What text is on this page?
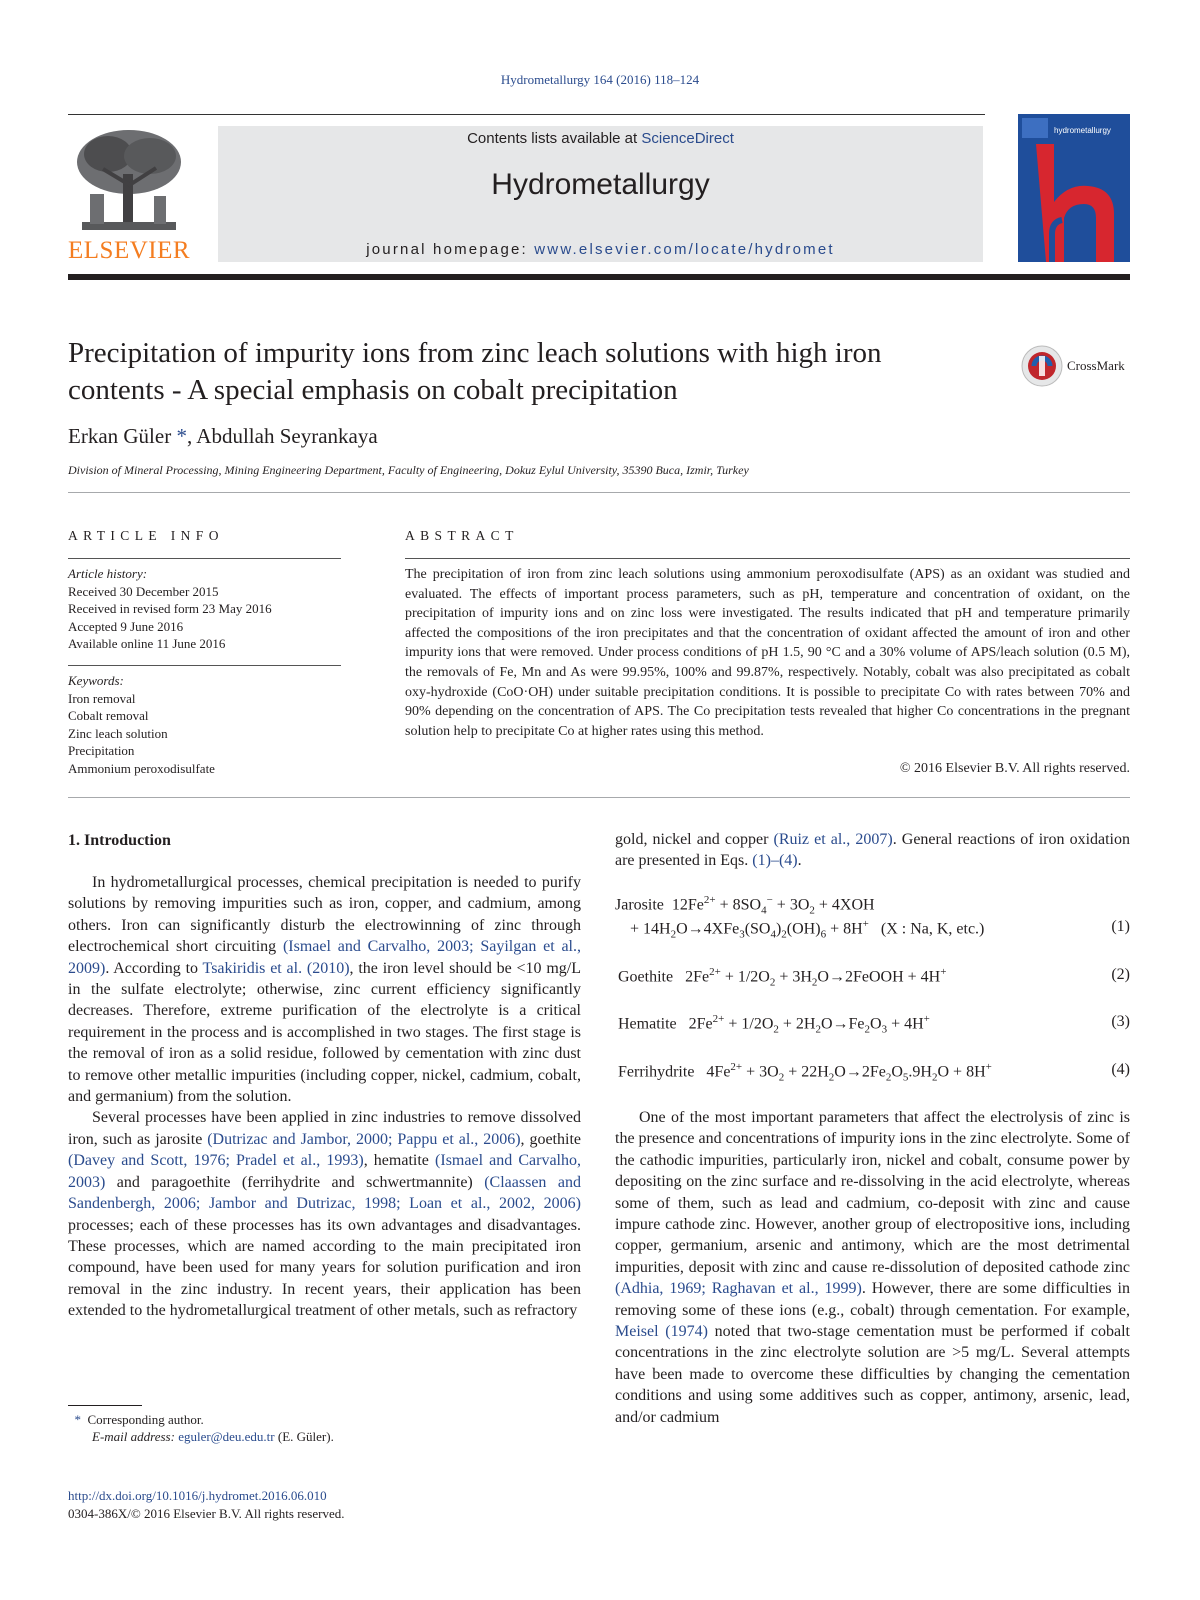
Hydrometallurgy 164 (2016) 118–124
ELSEVIER
Contents lists available at ScienceDirect
Hydrometallurgy
journal homepage: www.elsevier.com/locate/hydromet
hydrometallurgy
Precipitation of impurity ions from zinc leach solutions with high iron
contents - A special emphasis on cobalt precipitation
CrossMark
Erkan Güler *, Abdullah Seyrankaya
Division of Mineral Processing, Mining Engineering Department, Faculty of Engineering, Dokuz Eylul University, 35390 Buca, Izmir, Turkey
ARTICLE INFO	ABSTRACT
Article history:
Received 30 December 2015
Received in revised form 23 May 2016
Accepted 9 June 2016
Available online 11 June 2016
Keywords:
Iron removal
Cobalt removal
Zinc leach solution
Precipitation
Ammonium peroxodisulfate
The precipitation of iron from zinc leach solutions using ammonium peroxodisulfate (APS) as an oxidant was studied and evaluated. The effects of important process parameters, such as pH, temperature and concentration of oxidant, on the precipitation of impurity ions and on zinc loss were investigated. The results indicated that pH and temperature primarily affected the compositions of the iron precipitates and that the concentration of oxidant affected the amount of iron and other impurity ions that were removed. Under process conditions of pH 1.5, 90 °C and a 30% volume of APS/leach solution (0.5 M), the removals of Fe, Mn and As were 99.95%, 100% and 99.87%, respectively. Notably, cobalt was also precipitated as cobalt oxy-hydroxide (CoO·OH) under suitable precipitation conditions. It is possible to precipitate Co with rates between 70% and 90% depending on the concentration of APS. The Co precipitation tests revealed that higher Co concentrations in the pregnant solution help to precipitate Co at higher rates using this method.
© 2016 Elsevier B.V. All rights reserved.
1. Introduction

In hydrometallurgical processes, chemical precipitation is needed to purify solutions by removing impurities such as iron, copper, and cadmium, among others. Iron can significantly disturb the electrowinning of zinc through electrochemical short circuiting (Ismael and Carvalho, 2003; Sayilgan et al., 2009). According to Tsakiridis et al. (2010), the iron level should be <10 mg/L in the sulfate electrolyte; otherwise, zinc current efficiency significantly decreases. Therefore, extreme purification of the electrolyte is a critical requirement in the process and is accomplished in two stages. The first stage is the removal of iron as a solid residue, followed by cementation with zinc dust to remove other metallic impurities (including copper, nickel, cadmium, cobalt, and germanium) from the solution.

Several processes have been applied in zinc industries to remove dissolved iron, such as jarosite (Dutrizac and Jambor, 2000; Pappu et al., 2006), goethite (Davey and Scott, 1976; Pradel et al., 1993), hematite (Ismael and Carvalho, 2003) and paragoethite (ferrihydrite and schwertmannite) (Claassen and Sandenbergh, 2006; Jambor and Dutrizac, 1998; Loan et al., 2002, 2006) processes; each of these processes has its own advantages and disadvantages. These processes, which are named according to the main precipitated iron compound, have been used for many years for solution purification and iron removal in the zinc industry. In recent years, their application has been extended to the hydrometallurgical treatment of other metals, such as refractory

gold, nickel and copper (Ruiz et al., 2007). General reactions of iron oxidation are presented in Eqs. (1)–(4).
Jarosite  $12Fe^{2+} + 8SO_4^- + 3O_2 + 4XOH$
+ $14H_2O\to 4XFe_3(SO_4)_2(OH)_6 + 8H^+$   (X : Na, K, etc.)	(1)
Goethite   $2Fe^{2+} + 1/2O_2$ + $3H_2O\to 2FeOOH + 4H^+$	(2)
Hematite   $2Fe^{2+} + 1/2O_2 + 2H_2O\to Fe_2O_3 + 4H^+$	(3)
Ferrihydrite   $4Fe^{2+} + 3O_2 + 22H_2O\to 2Fe_2O_5.9H_2O + 8H^+$	(4)

One of the most important parameters that affect the electrolysis of zinc is the presence and concentrations of impurity ions in the zinc electrolyte. Some of the cathodic impurities, particularly iron, nickel and cobalt, consume power by depositing on the zinc surface and re-dissolving in the acid electrolyte, whereas some of them, such as lead and cadmium, co-deposit with zinc and cause impure cathode zinc. However, another group of electropositive ions, including copper, germanium, arsenic and antimony, which are the most detrimental impurities, deposit with zinc and cause re-dissolution of deposited cathode zinc (Adhia, 1969; Raghavan et al., 1999). However, there are some difficulties in removing some of these ions (e.g., cobalt) through cementation. For example, Meisel (1974) noted that two-stage cementation must be performed if cobalt concentrations in the zinc electrolyte solution are >5 mg/L. Several attempts have been made to overcome these difficulties by changing the cementation conditions and using some additives such as copper, antimony, arsenic, lead, and/or cadmium

* Corresponding author.
E-mail address: eguler@deu.edu.tr (E. Güler).
http://dx.doi.org/10.1016/j.hydromet.2016.06.010
0304-386X/© 2016 Elsevier B.V. All rights reserved.
